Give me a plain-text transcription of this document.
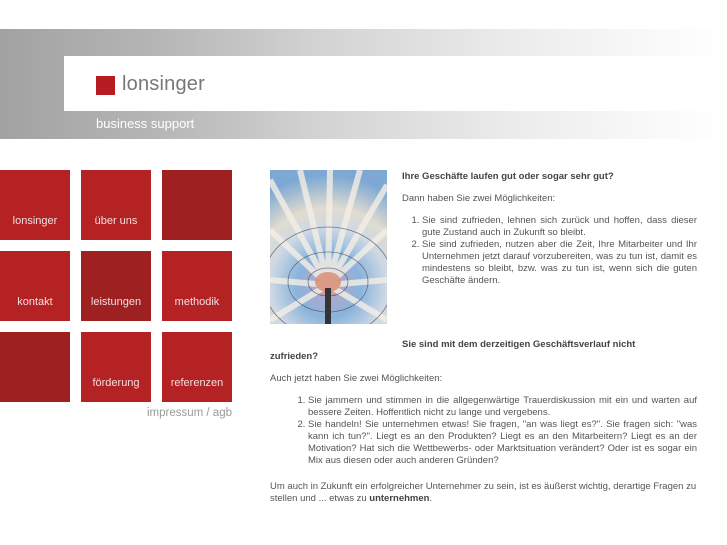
lonsinger
business support
lonsinger	über uns
kontakt	leistungen	methodik
förderung	referenzen
impressum / agb
Ihre Geschäfte laufen gut oder sogar sehr gut?
Dann haben Sie zwei Möglichkeiten:
1. Sie sind zufrieden, lehnen sich zurück und hoffen, dass dieser gute Zustand auch in Zukunft so bleibt.
2. Sie sind zufrieden, nutzen aber die Zeit, Ihre Mitarbeiter und Ihr Unternehmen jetzt darauf vorzubereiten, was zu tun ist, damit es mindestens so bleibt, bzw. was zu tun ist, wenn sich die guten Geschäfte ändern.
Sie sind mit dem derzeitigen Geschäftsverlauf nicht
zufrieden?
Auch jetzt haben Sie zwei Möglichkeiten:
1. Sie jammern und stimmen in die allgegenwärtige Trauerdiskussion mit ein und warten auf bessere Zeiten. Hoffentlich nicht zu lange und vergebens.
2. Sie handeln! Sie unternehmen etwas! Sie fragen, "an was liegt es?". Sie fragen sich: "was kann ich tun?". Liegt es an den Produkten? Liegt es an den Mitarbeitern? Liegt es an der Motivation? Hat sich die Wettbewerbs- oder Marktsituation verändert? Oder ist es sogar ein Mix aus diesen oder auch anderen Gründen?
Um auch in Zukunft ein erfolgreicher Unternehmer zu sein, ist es äußerst wichtig, derartige Fragen zu stellen und ... etwas zu unternehmen.
